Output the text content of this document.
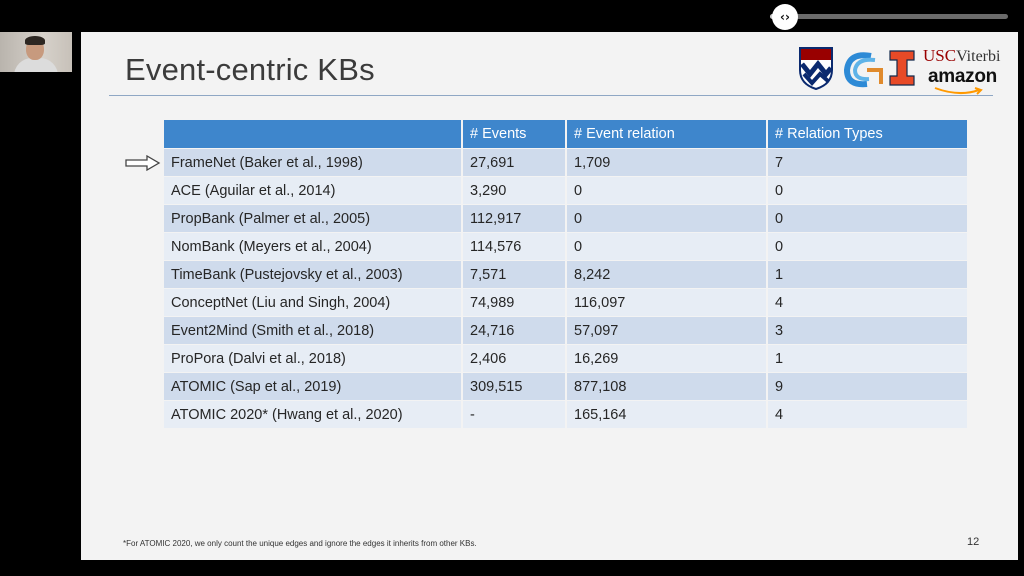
‹›
Event-centric KBs	USCViterbi
amazon
	# Events	# Event relation	# Relation Types
FrameNet (Baker et al., 1998)	27,691	1,709	7
ACE (Aguilar et al., 2014)	3,290	0	0
PropBank (Palmer et al., 2005)	112,917	0	0
NomBank (Meyers et al., 2004)	114,576	0	0
TimeBank (Pustejovsky et al., 2003)	7,571	8,242	1
ConceptNet (Liu and Singh, 2004)	74,989	116,097	4
Event2Mind (Smith et al., 2018)	24,716	57,097	3
ProPora (Dalvi et al., 2018)	2,406	16,269	1
ATOMIC (Sap et al., 2019)	309,515	877,108	9
ATOMIC 2020* (Hwang et al., 2020)	-	165,164	4
*For ATOMIC 2020, we only count the unique edges and ignore the edges it inherits from other KBs.	12
